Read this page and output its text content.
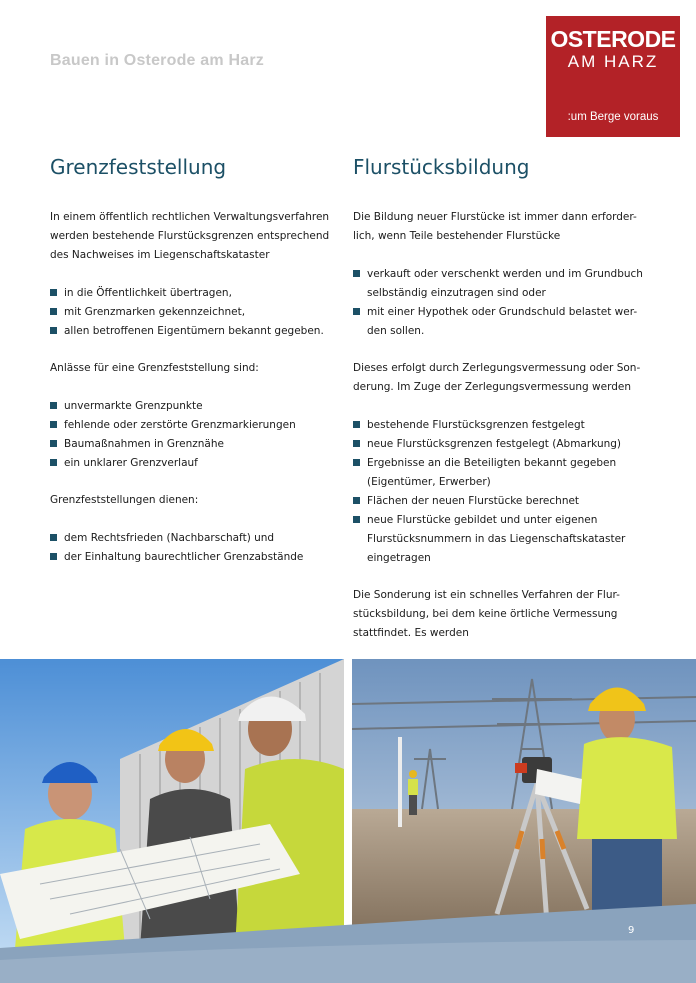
Bauen in Osterode am Harz
OSTERODE
AM HARZ
:um Berge voraus
Grenzfeststellung

In einem öffentlich rechtlichen Verwaltungsverfahren werden bestehende Flurstücksgrenzen entsprechend des Nachweises im Liegenschaftskataster

in die Öffentlichkeit übertragen,
mit Grenzmarken gekennzeichnet,
allen betroffenen Eigentümern bekannt gegeben.

Anlässe für eine Grenzfeststellung sind:

unvermarkte Grenzpunkte
fehlende oder zerstörte Grenzmarkierungen
Baumaßnahmen in Grenznähe
ein unklarer Grenzverlauf

Grenzfeststellungen dienen:

dem Rechtsfrieden (Nachbarschaft) und
der Einhaltung baurechtlicher Grenzabstände
Flurstücksbildung

Die Bildung neuer Flurstücke ist immer dann erforder-lich, wenn Teile bestehender Flurstücke

verkauft oder verschenkt werden und im Grundbuch selbständig einzutragen sind oder
mit einer Hypothek oder Grundschuld belastet wer-den sollen.

Dieses erfolgt durch Zerlegungsvermessung oder Son-derung. Im Zuge der Zerlegungsvermessung werden

bestehende Flurstücksgrenzen festgelegt
neue Flurstücksgrenzen festgelegt (Abmarkung)
Ergebnisse an die Beteiligten bekannt gegeben (Eigentümer, Erwerber)
Flächen der neuen Flurstücke berechnet
neue Flurstücke gebildet und unter eigenen Flurstücksnummern in das Liegenschaftskataster eingetragen

Die Sonderung ist ein schnelles Verfahren der Flur-stücksbildung, bei dem keine örtliche Vermessung stattfindet. Es werden

9
